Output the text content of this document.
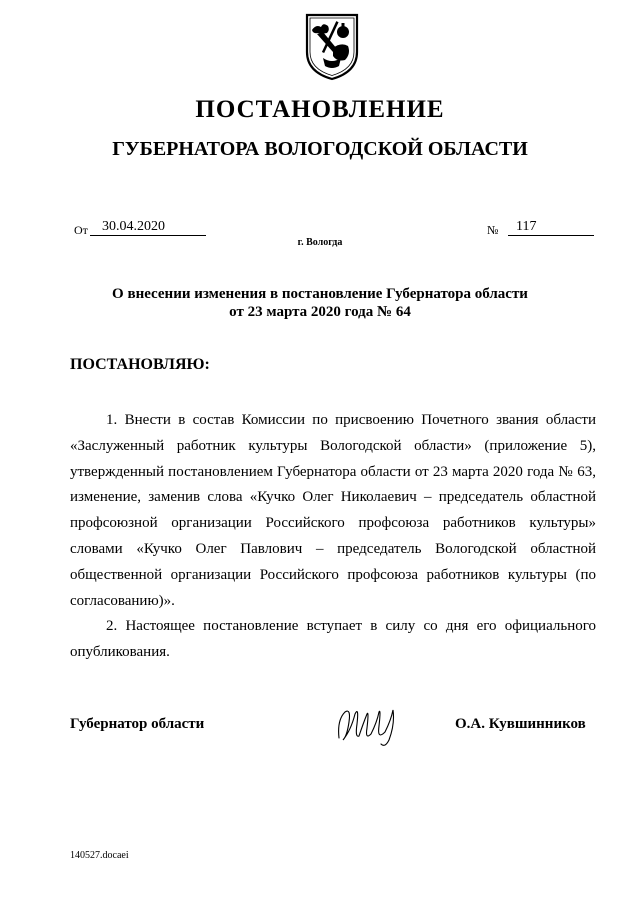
ПОСТАНОВЛЕНИЕ
ГУБЕРНАТОРА ВОЛОГОДСКОЙ ОБЛАСТИ
От	30.04.2020	№	117
г. Вологда
О внесении изменения в постановление Губернатора области
от 23 марта 2020 года № 64
ПОСТАНОВЛЯЮ:

1. Внести в состав Комиссии по присвоению Почетного звания области «Заслуженный работник культуры Вологодской области» (приложение 5), утвержденный постановлением Губернатора области от 23 марта 2020 года № 63, изменение, заменив слова «Кучко Олег Николаевич – председатель областной профсоюзной организации Российского профсоюза работников культуры» словами «Кучко Олег Павлович – председатель Вологодской областной общественной организации Российского профсоюза работников культуры (по согласованию)».

2. Настоящее постановление вступает в силу со дня его официального опубликования.

Губернатор области	О.А. Кувшинников
140527.docaei
